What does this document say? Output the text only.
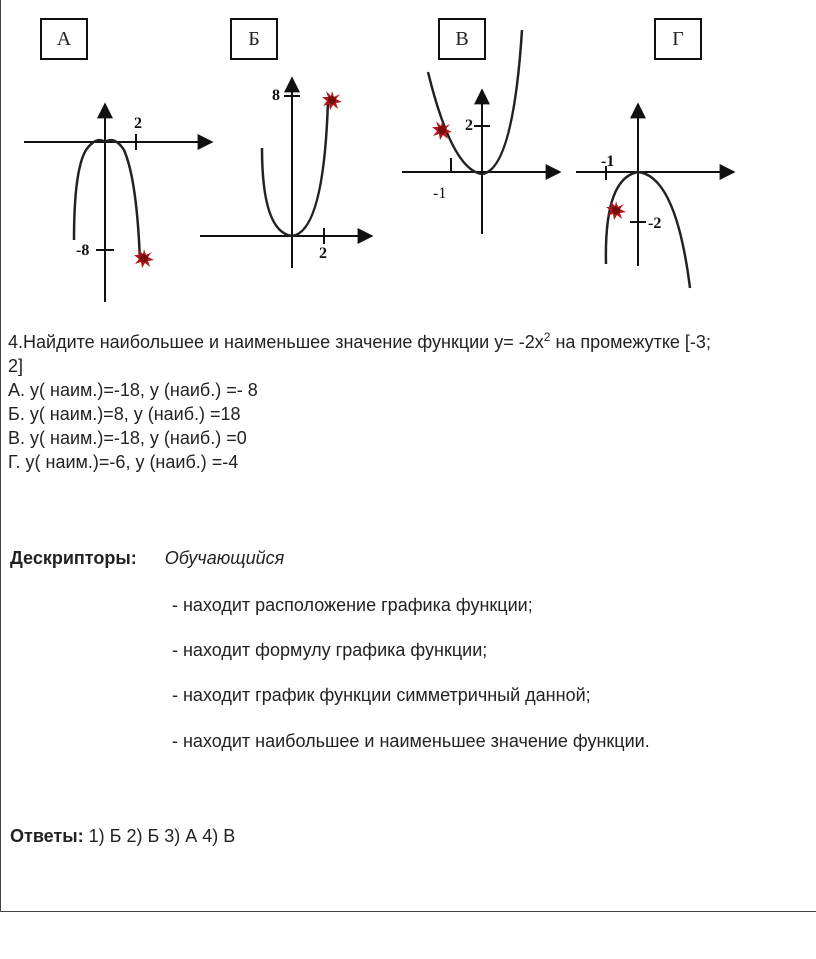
А	Б	В	Г
2
-8
8
2
2
-1
-1
-2

4.Найдите наибольшее и наименьшее значение функции $у= -2х^2$ на промежутке [-3;

2]

А. у( наим.)=-18, у (наиб.) =- 8

Б. у( наим.)=8, у (наиб.) =18

В. у( наим.)=-18, у (наиб.) =0

Г. у( наим.)=-6, у (наиб.) =-4

Дескрипторы: Обучающийся
- находит расположение графика функции;
- находит формулу графика функции;
- находит график функции симметричный данной;
- находит наибольшее и наименьшее значение функции.
Ответы: 1) Б 2) Б 3) А 4) В
